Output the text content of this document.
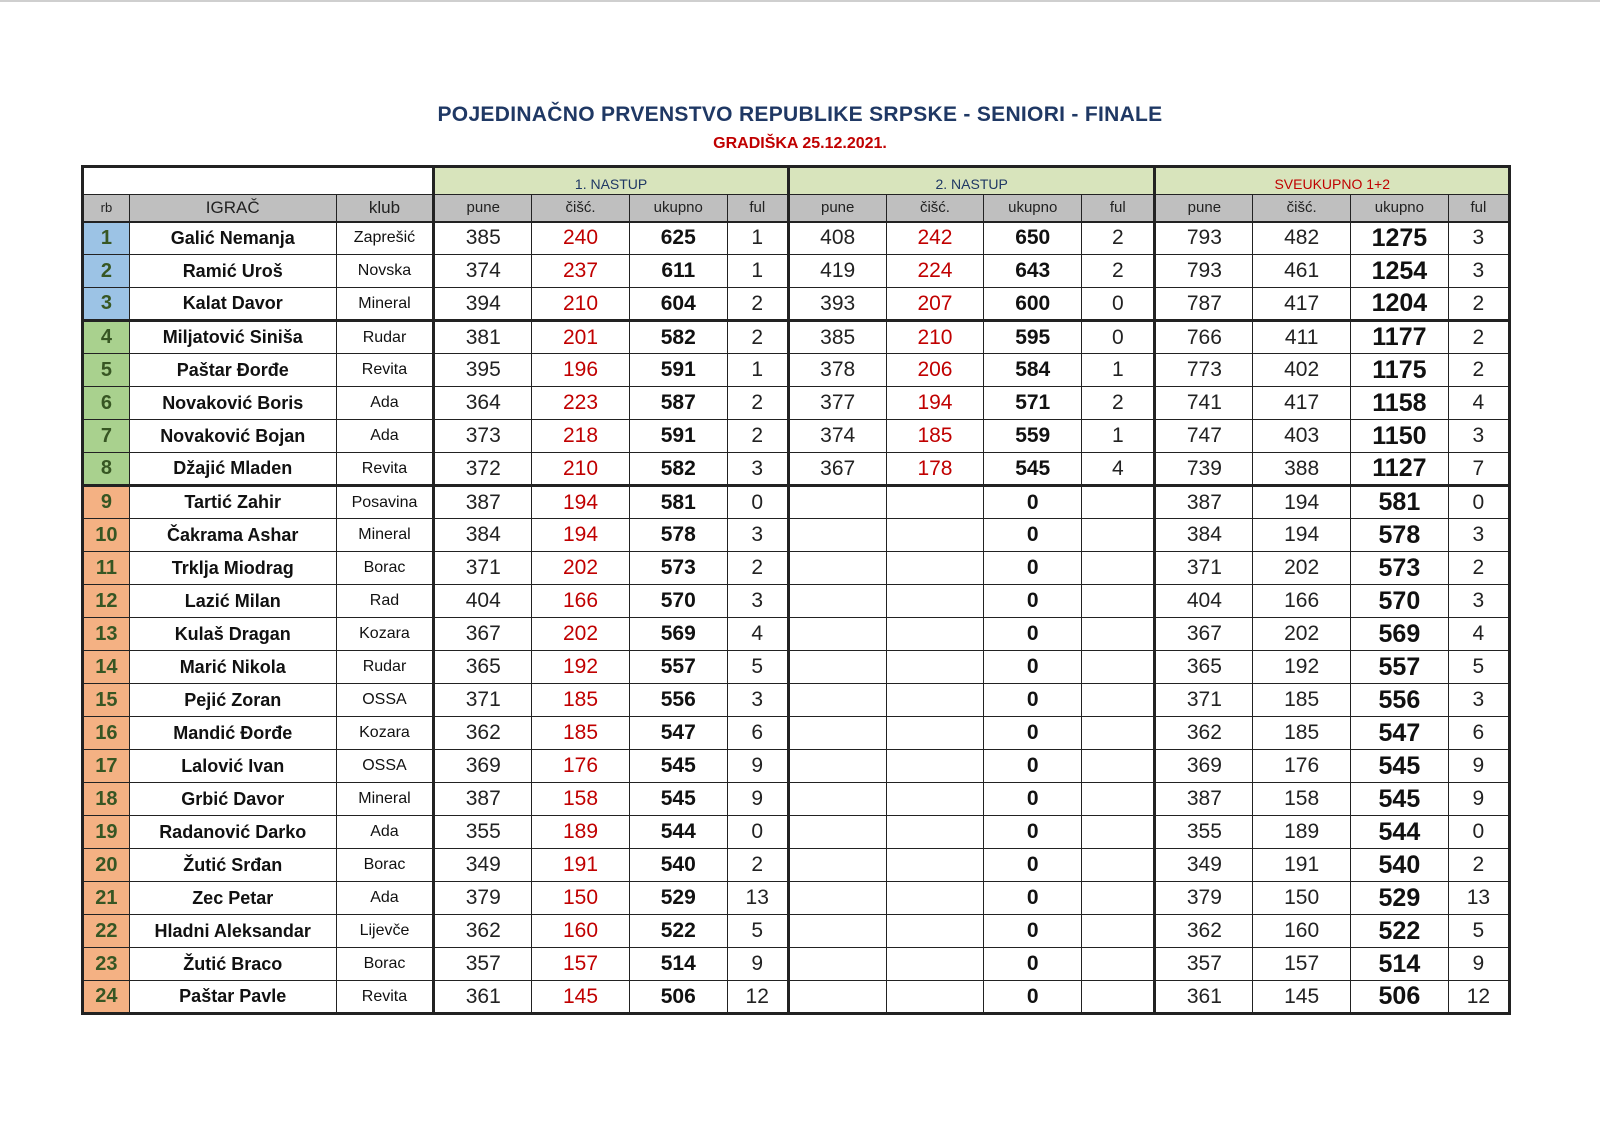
POJEDINAČNO PRVENSTVO REPUBLIKE SRPSKE - SENIORI - FINALE
GRADIŠKA 25.12.2021.
			1. NASTUP				2. NASTUP				SVEUKUPNO 1+2			
rb	IGRAČ	klub	pune	čišć.	ukupno	ful	pune	čišć.	ukupno	ful	pune	čišć.	ukupno	ful
1	Galić Nemanja	Zaprešić	385	240	625	1	408	242	650	2	793	482	1275	3
2	Ramić Uroš	Novska	374	237	611	1	419	224	643	2	793	461	1254	3
3	Kalat Davor	Mineral	394	210	604	2	393	207	600	0	787	417	1204	2
4	Miljatović Siniša	Rudar	381	201	582	2	385	210	595	0	766	411	1177	2
5	Paštar Đorđe	Revita	395	196	591	1	378	206	584	1	773	402	1175	2
6	Novaković Boris	Ada	364	223	587	2	377	194	571	2	741	417	1158	4
7	Novaković Bojan	Ada	373	218	591	2	374	185	559	1	747	403	1150	3
8	Džajić Mladen	Revita	372	210	582	3	367	178	545	4	739	388	1127	7
9	Tartić Zahir	Posavina	387	194	581	0			0		387	194	581	0
10	Čakrama Ashar	Mineral	384	194	578	3			0		384	194	578	3
11	Trklja Miodrag	Borac	371	202	573	2			0		371	202	573	2
12	Lazić Milan	Rad	404	166	570	3			0		404	166	570	3
13	Kulaš Dragan	Kozara	367	202	569	4			0		367	202	569	4
14	Marić Nikola	Rudar	365	192	557	5			0		365	192	557	5
15	Pejić Zoran	OSSA	371	185	556	3			0		371	185	556	3
16	Mandić Đorđe	Kozara	362	185	547	6			0		362	185	547	6
17	Lalović Ivan	OSSA	369	176	545	9			0		369	176	545	9
18	Grbić Davor	Mineral	387	158	545	9			0		387	158	545	9
19	Radanović Darko	Ada	355	189	544	0			0		355	189	544	0
20	Žutić Srđan	Borac	349	191	540	2			0		349	191	540	2
21	Zec Petar	Ada	379	150	529	13			0		379	150	529	13
22	Hladni Aleksandar	Lijevče	362	160	522	5			0		362	160	522	5
23	Žutić Braco	Borac	357	157	514	9			0		357	157	514	9
24	Paštar Pavle	Revita	361	145	506	12			0		361	145	506	12
